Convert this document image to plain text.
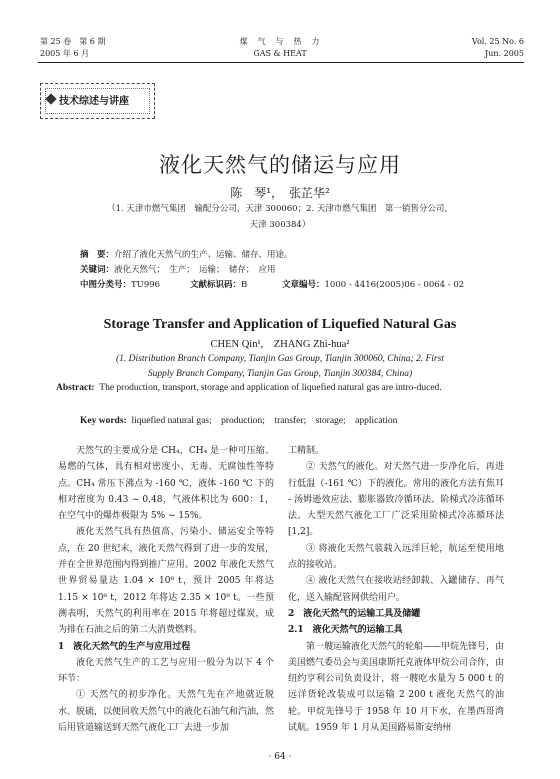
第 25 卷　第 6 期
2005 年 6 月
煤　气　与　热　力
GAS & HEAT
Vol. 25 No. 6
Jun. 2005
技术综述与讲座
液化天然气的储运与应用
陈　琴¹，　张芷华²
（1. 天津市燃气集团　输配分公司，天津 300060；2. 天津市燃气集团　第一销售分公司，
天津 300384）
摘　要：介绍了液化天然气的生产、运输、储存、用途。
关键词：液化天然气；　生产；　运输；　储存；　应用
中图分类号：TU996	文献标识码：B	文章编号：1000 - 4416(2005)06 - 0064 - 02
Storage Transfer and Application of Liquefied Natural Gas
CHEN Qin¹,　ZHANG Zhi-hua²
(1. Distribution Branch Company, Tianjin Gas Group, Tianjin 300060, China; 2. First
Supply Branch Company, Tianjin Gas Group, Tianjin 300384, China)
Abstract: The production, transport, storage and application of liquefied natural gas are intro-duced.
Key words: liquefied natural gas;　production;　transfer;　storage;　application

天然气的主要成分是 CH₄，CH₄ 是一种可压缩、易燃的气体，具有相对密度小、无毒、无腐蚀性等特点。CH₄ 常压下沸点为 -160 ℃，液体 -160 ℃ 下的相对密度为 0.43 ~ 0.48，气液体积比为 600：1，在空气中的爆炸极限为 5% ~ 15%。

液化天然气具有热值高、污染小、储运安全等特点，在 20 世纪末，液化天然气得到了进一步的发展，并在全世界范围内得到推广应用。2002 年液化天然气世界贸易量达 1.04 × 10⁸ t，预计 2005 年将达 1.15 × 10⁸ t，2012 年将达 2.35 × 10⁸ t。一些预测表明，天然气的利用率在 2015 年将超过煤炭，成为排在石油之后的第二大消费燃料。

1　液化天然气的生产与应用过程

液化天然气生产的工艺与应用一般分为以下 4 个环节：

① 天然气的初步净化。天然气先在产地就近脱水、脱硫，以便回收天然气中的液化石油气和汽油，然后用管道输送到天然气液化工厂去进一步加

工精制。

② 天然气的液化。对天然气进一步净化后，再进行低温（-161 ℃）下的液化。常用的液化方法有焦耳 - 汤姆逊效应法、膨胀器致冷循环法、阶梯式冷冻循环法。大型天然气液化工厂广泛采用阶梯式冷冻循环法[1,2]。

③ 将液化天然气装载入远洋巨轮，航运至使用地点的接收站。

④ 液化天然气在接收站经卸载、入罐储存、再气化，送入输配管网供给用户。

2　液化天然气的运输工具及储罐

2.1　液化天然气的运输工具

第一艘运输液化天然气的轮船——甲烷先锋号，由美国燃气委员会与美国康斯托克液体甲烷公司合作，由纽约亨利公司负责设计，将一艘吃水量为 5 000 t 的远洋货轮改装成可以运输 2 200 t 液化天然气的油轮。甲烷先锋号于 1958 年 10 月下水，在墨西哥湾试航。1959 年 1 月从美国路易斯安纳州

· 64 ·
